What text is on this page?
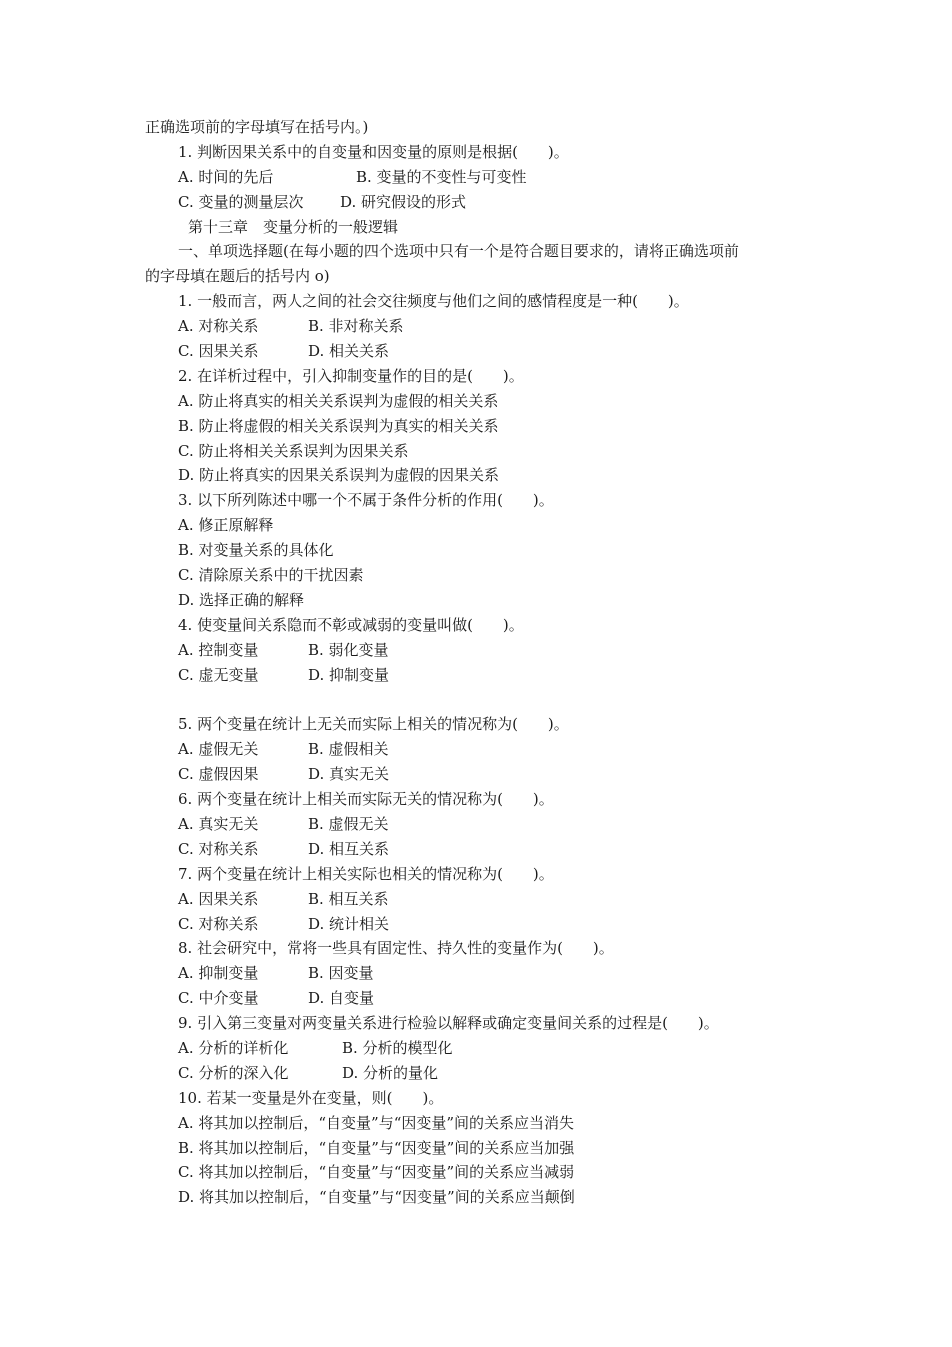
正确选项前的字母填写在括号内。)
1. 判断因果关系中的自变量和因变量的原则是根据(　　)。
A. 时间的先后	B. 变量的不变性与可变性
C. 变量的测量层次 D. 研究假设的形式
第十三章　变量分析的一般逻辑
一、单项选择题(在每小题的四个选项中只有一个是符合题目要求的，请将正确选项前
的字母填在题后的括号内 o)
1. 一般而言，两人之间的社会交往频度与他们之间的感情程度是一种(　　)。
A. 对称关系	B. 非对称关系
C. 因果关系	D. 相关关系
2. 在详析过程中，引入抑制变量作的目的是(　　)。
A. 防止将真实的相关关系误判为虚假的相关关系
B. 防止将虚假的相关关系误判为真实的相关关系
C. 防止将相关关系误判为因果关系
D. 防止将真实的因果关系误判为虚假的因果关系
3. 以下所列陈述中哪一个不属于条件分析的作用(　　)。
A. 修正原解释
B. 对变量关系的具体化
C. 清除原关系中的干扰因素
D. 选择正确的解释
4. 使变量间关系隐而不彰或减弱的变量叫做(　　)。
A. 控制变量	B. 弱化变量
C. 虚无变量	D. 抑制变量
5. 两个变量在统计上无关而实际上相关的情况称为(　　)。
A. 虚假无关	B. 虚假相关
C. 虚假因果	D. 真实无关
6. 两个变量在统计上相关而实际无关的情况称为(　　)。
A. 真实无关	B. 虚假无关
C. 对称关系	D. 相互关系
7. 两个变量在统计上相关实际也相关的情况称为(　　)。
A. 因果关系	B. 相互关系
C. 对称关系	D. 统计相关
8. 社会研究中，常将一些具有固定性、持久性的变量作为(　　)。
A. 抑制变量	B. 因变量
C. 中介变量	D. 自变量
9. 引入第三变量对两变量关系进行检验以解释或确定变量间关系的过程是(　　)。
A. 分析的详析化	B. 分析的模型化
C. 分析的深入化	D. 分析的量化
10. 若某一变量是外在变量，则(　　)。
A. 将其加以控制后，“自变量”与“因变量”间的关系应当消失
B. 将其加以控制后，“自变量”与“因变量”间的关系应当加强
C. 将其加以控制后，“自变量”与“因变量”间的关系应当减弱
D. 将其加以控制后，“自变量”与“因变量”间的关系应当颠倒
